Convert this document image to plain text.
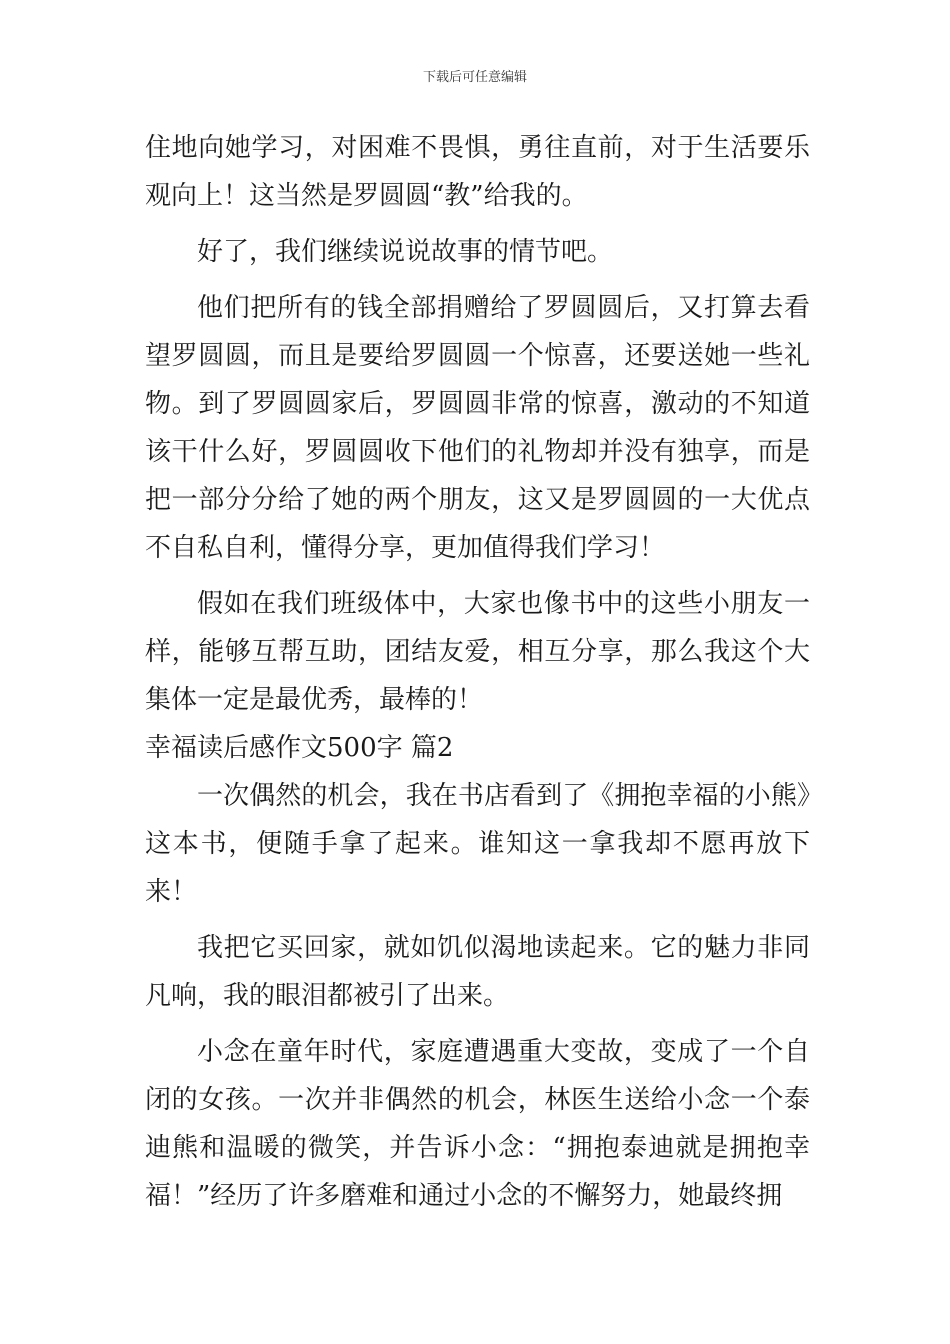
下载后可任意编辑

住地向她学习，对困难不畏惧，勇往直前，对于生活要乐观向上！这当然是罗圆圆“教”给我的。

好了，我们继续说说故事的情节吧。

他们把所有的钱全部捐赠给了罗圆圆后，又打算去看望罗圆圆，而且是要给罗圆圆一个惊喜，还要送她一些礼物。到了罗圆圆家后，罗圆圆非常的惊喜，激动的不知道该干什么好，罗圆圆收下他们的礼物却并没有独享，而是把一部分分给了她的两个朋友，这又是罗圆圆的一大优点不自私自利，懂得分享，更加值得我们学习！

假如在我们班级体中，大家也像书中的这些小朋友一样，能够互帮互助，团结友爱，相互分享，那么我这个大集体一定是最优秀，最棒的！

幸福读后感作文500字 篇2

一次偶然的机会，我在书店看到了《拥抱幸福的小熊》这本书，便随手拿了起来。谁知这一拿我却不愿再放下来！

我把它买回家，就如饥似渴地读起来。它的魅力非同凡响，我的眼泪都被引了出来。

小念在童年时代，家庭遭遇重大变故，变成了一个自闭的女孩。一次并非偶然的机会，林医生送给小念一个泰迪熊和温暖的微笑，并告诉小念：“拥抱泰迪就是拥抱幸福！”经历了许多磨难和通过小念的不懈努力，她最终拥
